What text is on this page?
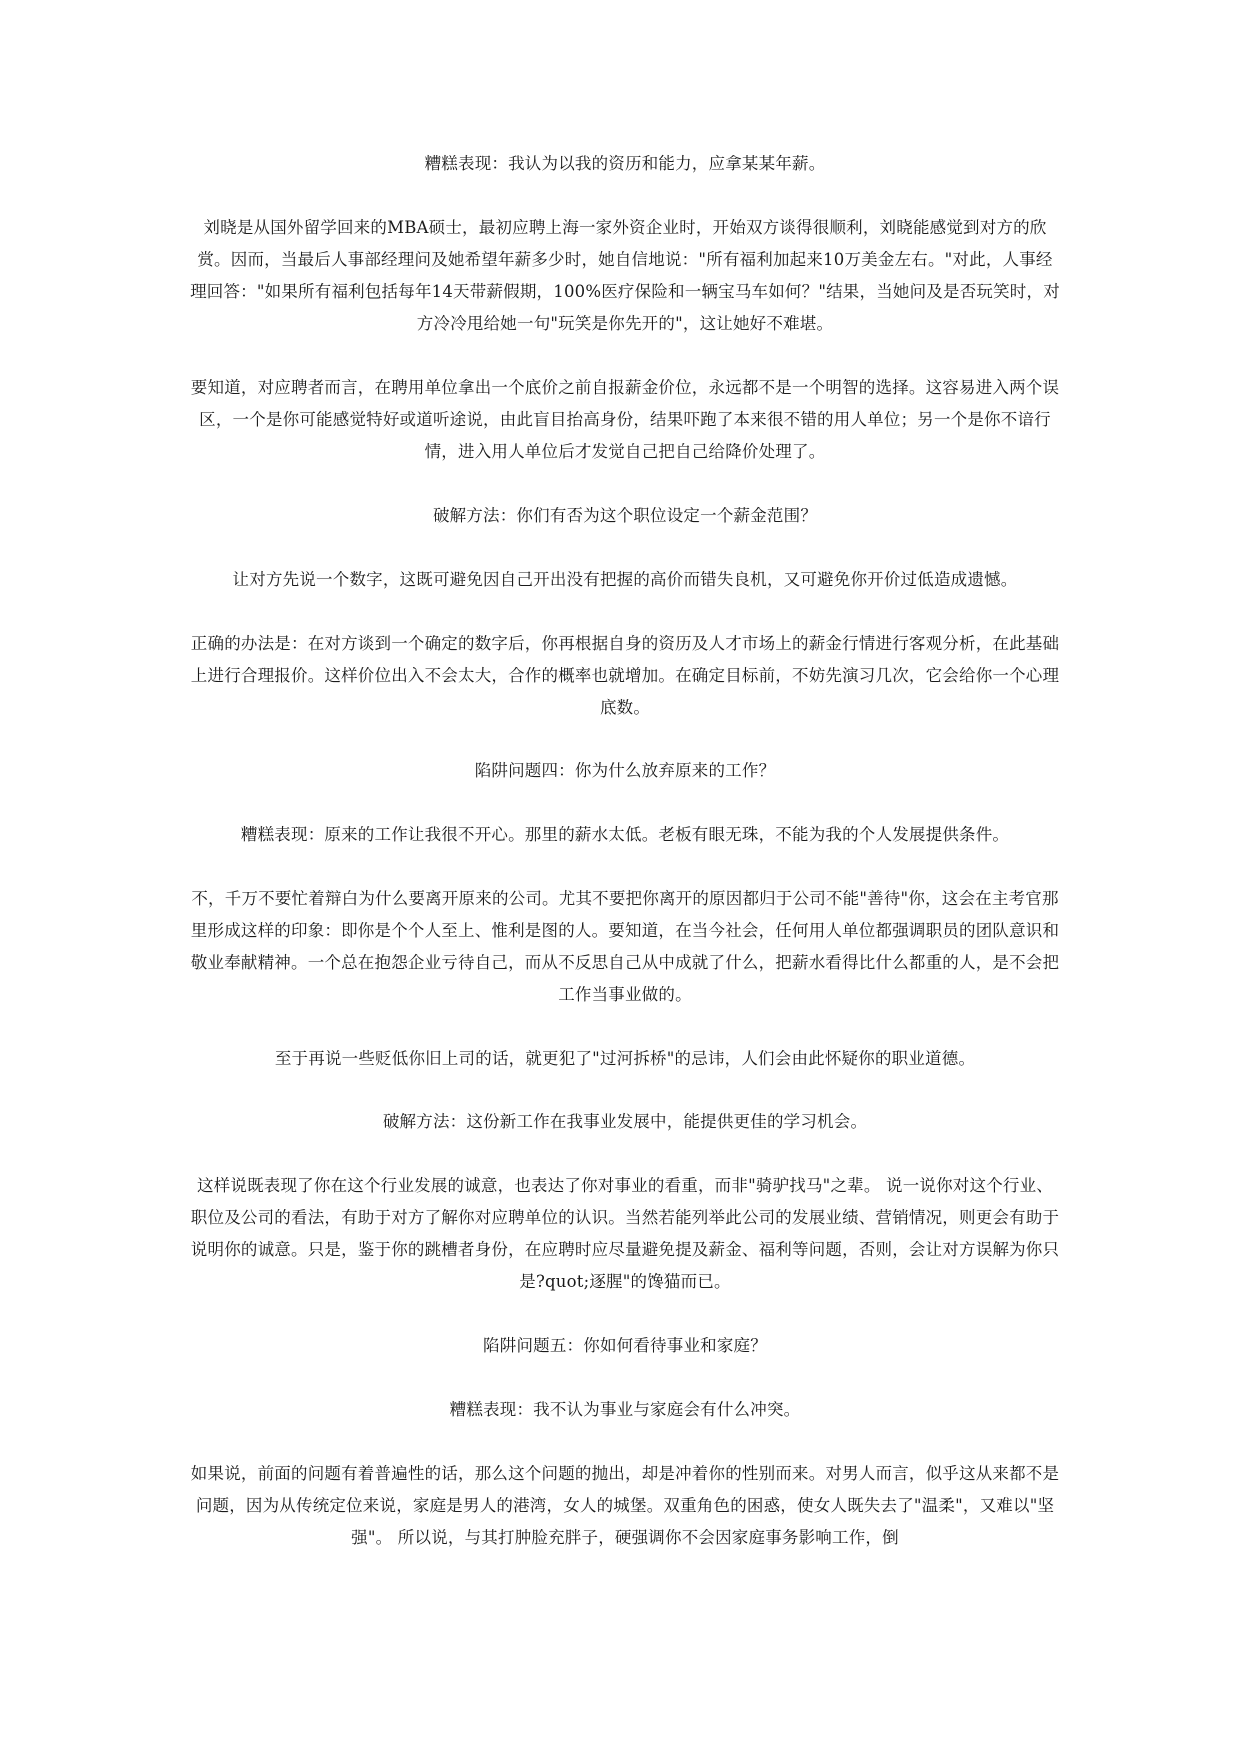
糟糕表现：我认为以我的资历和能力，应拿某某年薪。

刘晓是从国外留学回来的MBA硕士，最初应聘上海一家外资企业时，开始双方谈得很顺利，刘晓能感觉到对方的欣赏。因而，当最后人事部经理问及她希望年薪多少时，她自信地说："所有福利加起来10万美金左右。"对此，人事经理回答："如果所有福利包括每年14天带薪假期，100%医疗保险和一辆宝马车如何？"结果，当她问及是否玩笑时，对方冷冷甩给她一句"玩笑是你先开的"，这让她好不难堪。

要知道，对应聘者而言，在聘用单位拿出一个底价之前自报薪金价位，永远都不是一个明智的选择。这容易进入两个误区，一个是你可能感觉特好或道听途说，由此盲目抬高身份，结果吓跑了本来很不错的用人单位；另一个是你不谙行情，进入用人单位后才发觉自己把自己给降价处理了。

破解方法：你们有否为这个职位设定一个薪金范围？

让对方先说一个数字，这既可避免因自己开出没有把握的高价而错失良机，又可避免你开价过低造成遗憾。

正确的办法是：在对方谈到一个确定的数字后，你再根据自身的资历及人才市场上的薪金行情进行客观分析，在此基础上进行合理报价。这样价位出入不会太大，合作的概率也就增加。在确定目标前，不妨先演习几次，它会给你一个心理底数。

陷阱问题四：你为什么放弃原来的工作？

糟糕表现：原来的工作让我很不开心。那里的薪水太低。老板有眼无珠，不能为我的个人发展提供条件。

不，千万不要忙着辩白为什么要离开原来的公司。尤其不要把你离开的原因都归于公司不能"善待"你，这会在主考官那里形成这样的印象：即你是个个人至上、惟利是图的人。要知道，在当今社会，任何用人单位都强调职员的团队意识和敬业奉献精神。一个总在抱怨企业亏待自己，而从不反思自己从中成就了什么，把薪水看得比什么都重的人，是不会把工作当事业做的。

至于再说一些贬低你旧上司的话，就更犯了"过河拆桥"的忌讳，人们会由此怀疑你的职业道德。

破解方法：这份新工作在我事业发展中，能提供更佳的学习机会。

这样说既表现了你在这个行业发展的诚意，也表达了你对事业的看重，而非"骑驴找马"之辈。 说一说你对这个行业、职位及公司的看法，有助于对方了解你对应聘单位的认识。当然若能列举此公司的发展业绩、营销情况，则更会有助于说明你的诚意。只是，鉴于你的跳槽者身份，在应聘时应尽量避免提及薪金、福利等问题，否则，会让对方误解为你只是?quot;逐腥"的馋猫而已。

陷阱问题五：你如何看待事业和家庭？

糟糕表现：我不认为事业与家庭会有什么冲突。

如果说，前面的问题有着普遍性的话，那么这个问题的抛出，却是冲着你的性别而来。对男人而言，似乎这从来都不是问题，因为从传统定位来说，家庭是男人的港湾，女人的城堡。双重角色的困惑，使女人既失去了"温柔"，又难以"坚强"。 所以说，与其打肿脸充胖子，硬强调你不会因家庭事务影响工作，倒
